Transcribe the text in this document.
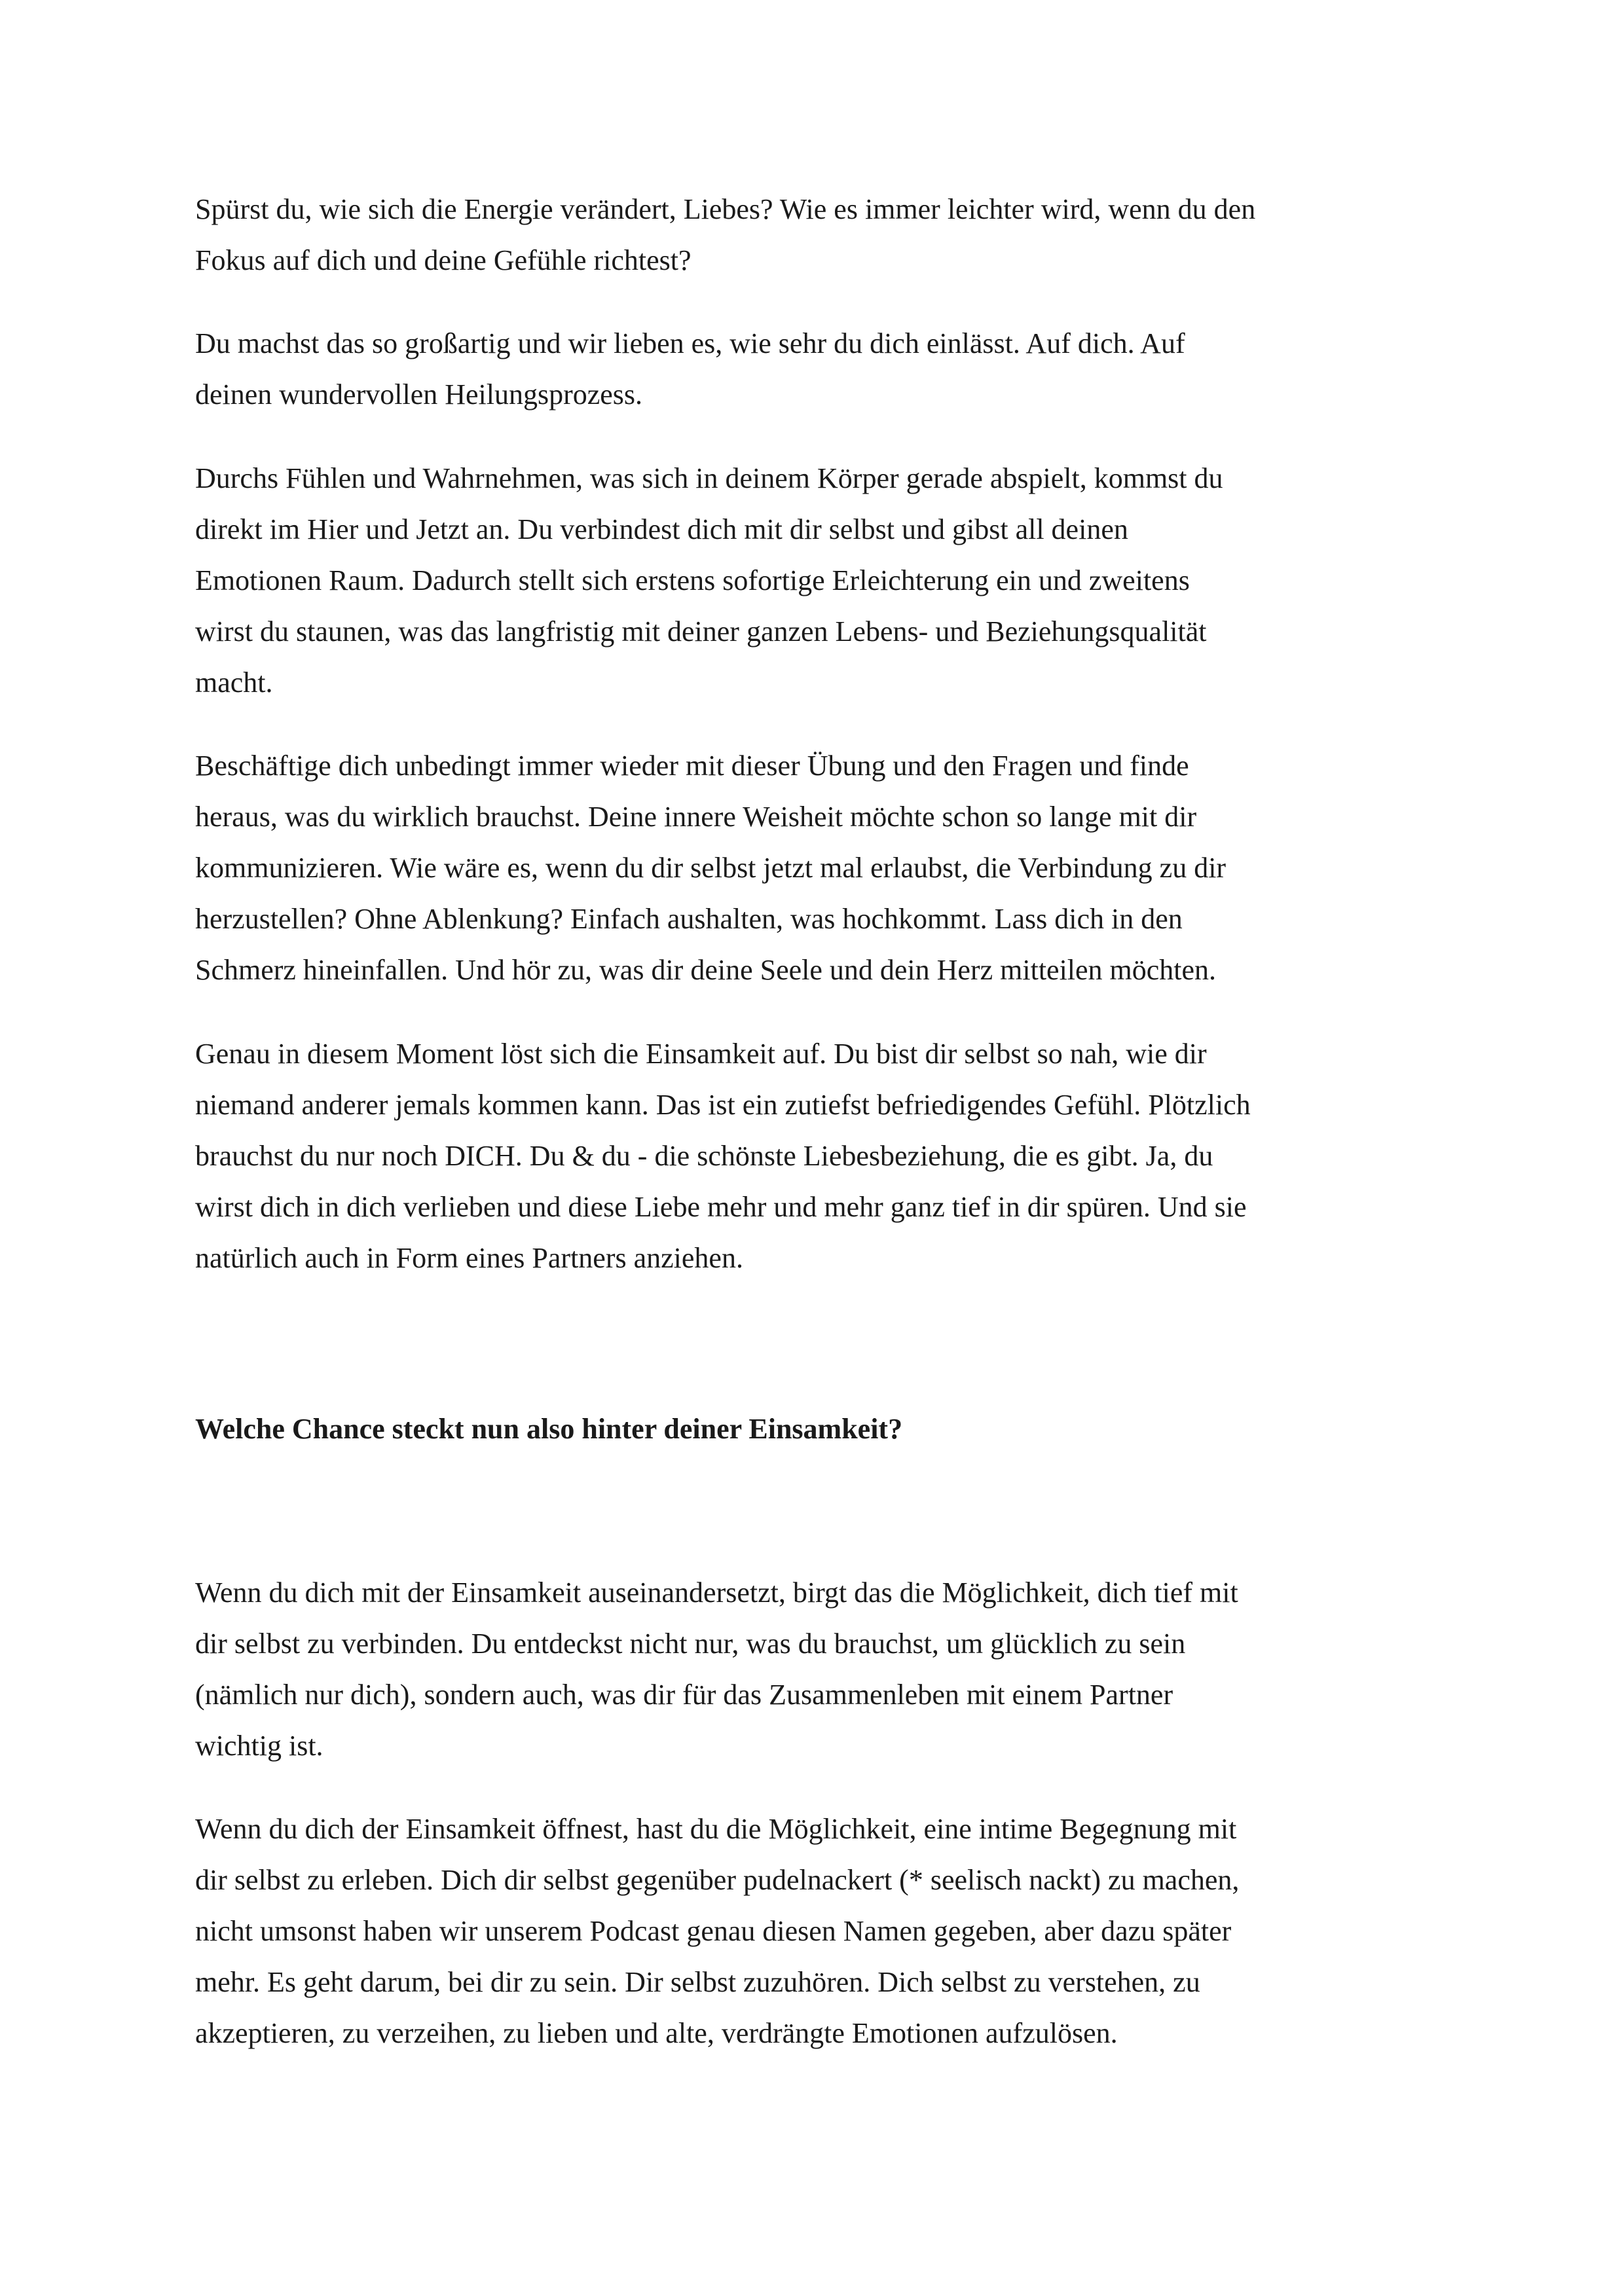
Spürst du, wie sich die Energie verändert, Liebes? Wie es immer leichter wird, wenn du den
Fokus auf dich und deine Gefühle richtest?
Du machst das so großartig und wir lieben es, wie sehr du dich einlässt. Auf dich. Auf
deinen wundervollen Heilungsprozess.
Durchs Fühlen und Wahrnehmen, was sich in deinem Körper gerade abspielt, kommst du
direkt im Hier und Jetzt an. Du verbindest dich mit dir selbst und gibst all deinen
Emotionen Raum. Dadurch stellt sich erstens sofortige Erleichterung ein und zweitens
wirst du staunen, was das langfristig mit deiner ganzen Lebens- und Beziehungsqualität
macht.
Beschäftige dich unbedingt immer wieder mit dieser Übung und den Fragen und finde
heraus, was du wirklich brauchst. Deine innere Weisheit möchte schon so lange mit dir
kommunizieren. Wie wäre es, wenn du dir selbst jetzt mal erlaubst, die Verbindung zu dir
herzustellen? Ohne Ablenkung? Einfach aushalten, was hochkommt. Lass dich in den
Schmerz hineinfallen. Und hör zu, was dir deine Seele und dein Herz mitteilen möchten.
Genau in diesem Moment löst sich die Einsamkeit auf. Du bist dir selbst so nah, wie dir
niemand anderer jemals kommen kann. Das ist ein zutiefst befriedigendes Gefühl. Plötzlich
brauchst du nur noch DICH. Du & du - die schönste Liebesbeziehung, die es gibt. Ja, du
wirst dich in dich verlieben und diese Liebe mehr und mehr ganz tief in dir spüren. Und sie
natürlich auch in Form eines Partners anziehen.
Welche Chance steckt nun also hinter deiner Einsamkeit?
Wenn du dich mit der Einsamkeit auseinandersetzt, birgt das die Möglichkeit, dich tief mit
dir selbst zu verbinden. Du entdeckst nicht nur, was du brauchst, um glücklich zu sein
(nämlich nur dich), sondern auch, was dir für das Zusammenleben mit einem Partner
wichtig ist.
Wenn du dich der Einsamkeit öffnest, hast du die Möglichkeit, eine intime Begegnung mit
dir selbst zu erleben. Dich dir selbst gegenüber pudelnackert (* seelisch nackt) zu machen,
nicht umsonst haben wir unserem Podcast genau diesen Namen gegeben, aber dazu später
mehr. Es geht darum, bei dir zu sein. Dir selbst zuzuhören. Dich selbst zu verstehen, zu
akzeptieren, zu verzeihen, zu lieben und alte, verdrängte Emotionen aufzulösen.
